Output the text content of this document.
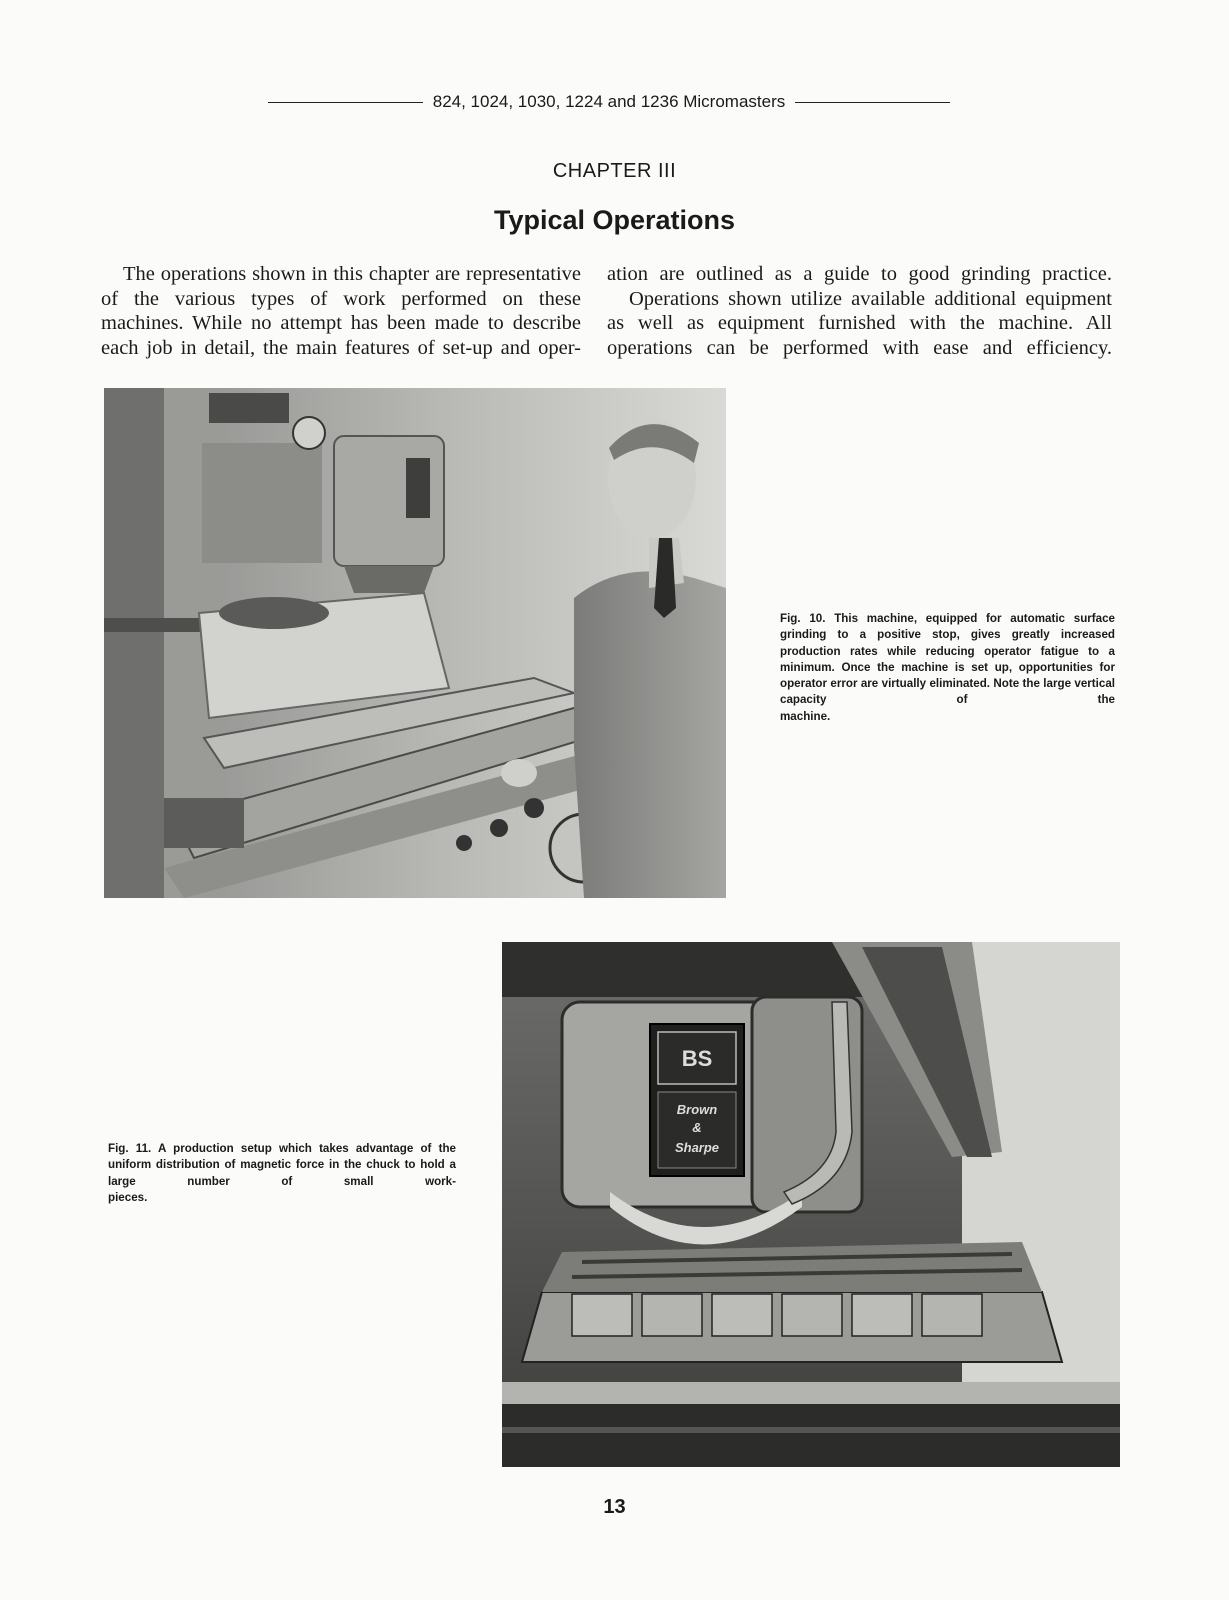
824, 1024, 1030, 1224 and 1236 Micromasters
CHAPTER III
Typical Operations

The operations shown in this chapter are representative of the various types of work performed on these machines. While no attempt has been made to describe each job in detail, the main features of set-up and oper-

ation are outlined as a guide to good grinding practice.

Operations shown utilize available additional equipment as well as equipment furnished with the machine. All operations can be performed with ease and efficiency.

Fig. 10. This machine, equipped for automatic surface grinding to a positive stop, gives greatly increased production rates while reducing operator fatigue to a minimum. Once the machine is set up, opportunities for operator error are virtually eliminated. Note the large vertical capacity of the
machine.
Fig. 11. A production setup which takes advantage of the uniform distribution of magnetic force in the chuck to hold a large number of small work-
pieces.
BS
Brown
&
Sharpe
13
